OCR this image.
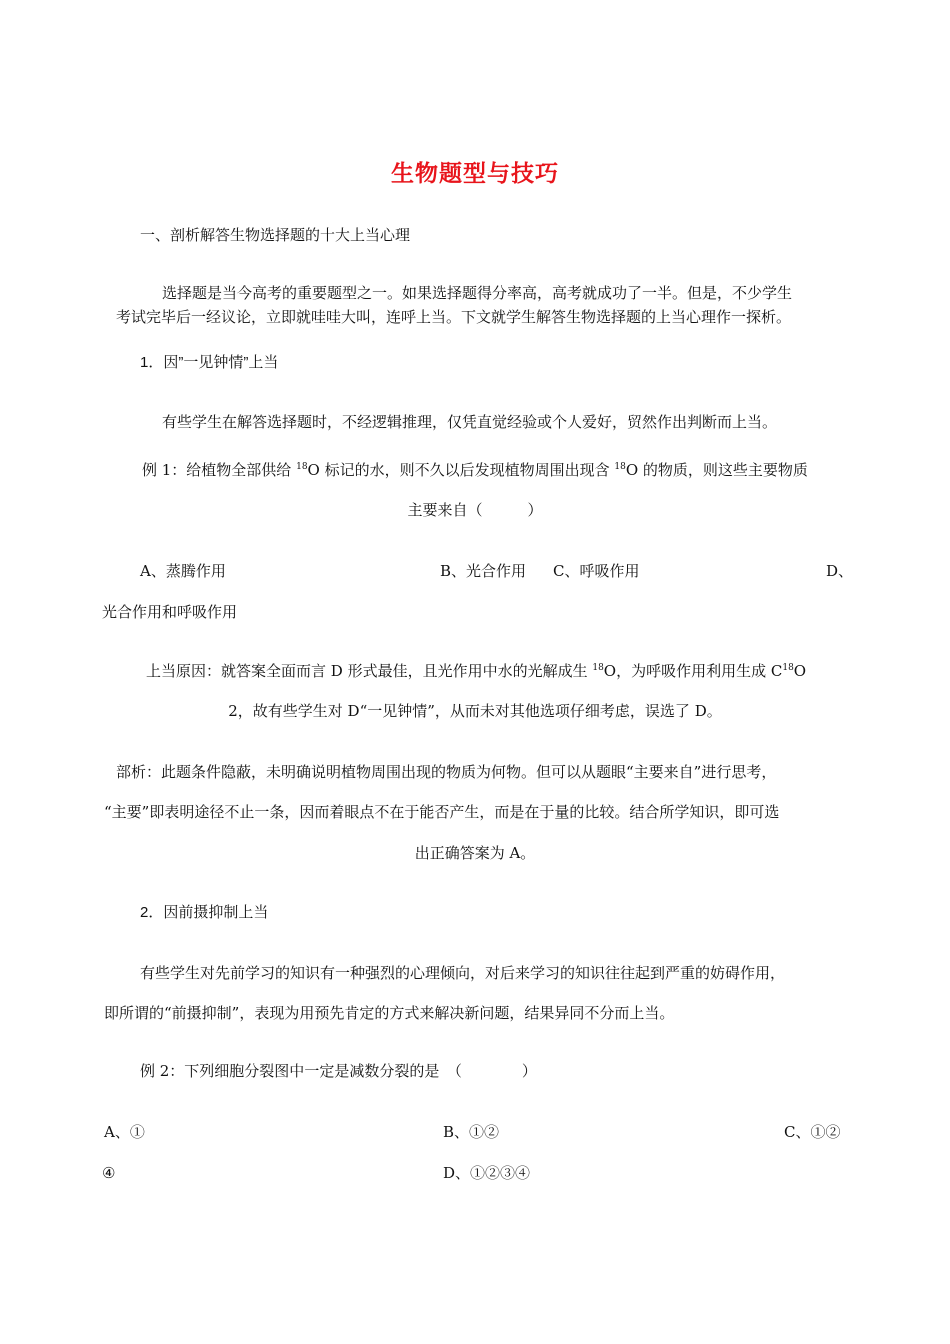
生物题型与技巧
一、剖析解答生物选择题的十大上当心理
选择题是当今高考的重要题型之一。如果选择题得分率高，高考就成功了一半。但是，不少学生
考试完毕后一经议论，立即就哇哇大叫，连呼上当。下文就学生解答生物选择题的上当心理作一探析。
1．因”一见钟情”上当
有些学生在解答选择题时，不经逻辑推理，仅凭直觉经验或个人爱好，贸然作出判断而上当。
例 1：给植物全部供给 $^{18}$O 标记的水，则不久以后发现植物周围出现含 $^{18}$O 的物质，则这些主要物质
主要来自（　　　）
A、蒸腾作用	B、光合作用 C、呼吸作用	D、
光合作用和呼吸作用
上当原因：就答案全面而言 D 形式最佳，且光作用中水的光解成生 $^{18}$O，为呼吸作用利用生成 $C^{18}O$
2，故有些学生对 D“一见钟情”，从而未对其他选项仔细考虑，误选了 D。
部析：此题条件隐蔽，未明确说明植物周围出现的物质为何物。但可以从题眼“主要来自”进行思考，
“主要”即表明途径不止一条，因而着眼点不在于能否产生，而是在于量的比较。结合所学知识，即可选
出正确答案为 A。
2．因前摄抑制上当
有些学生对先前学习的知识有一种强烈的心理倾向，对后来学习的知识往往起到严重的妨碍作用，
即所谓的“前摄抑制”，表现为用预先肯定的方式来解决新问题，结果异同不分而上当。
例 2：下列细胞分裂图中一定是减数分裂的是　（　　　　）
A、①	B、①②	C、①②
④	D、①②③④
